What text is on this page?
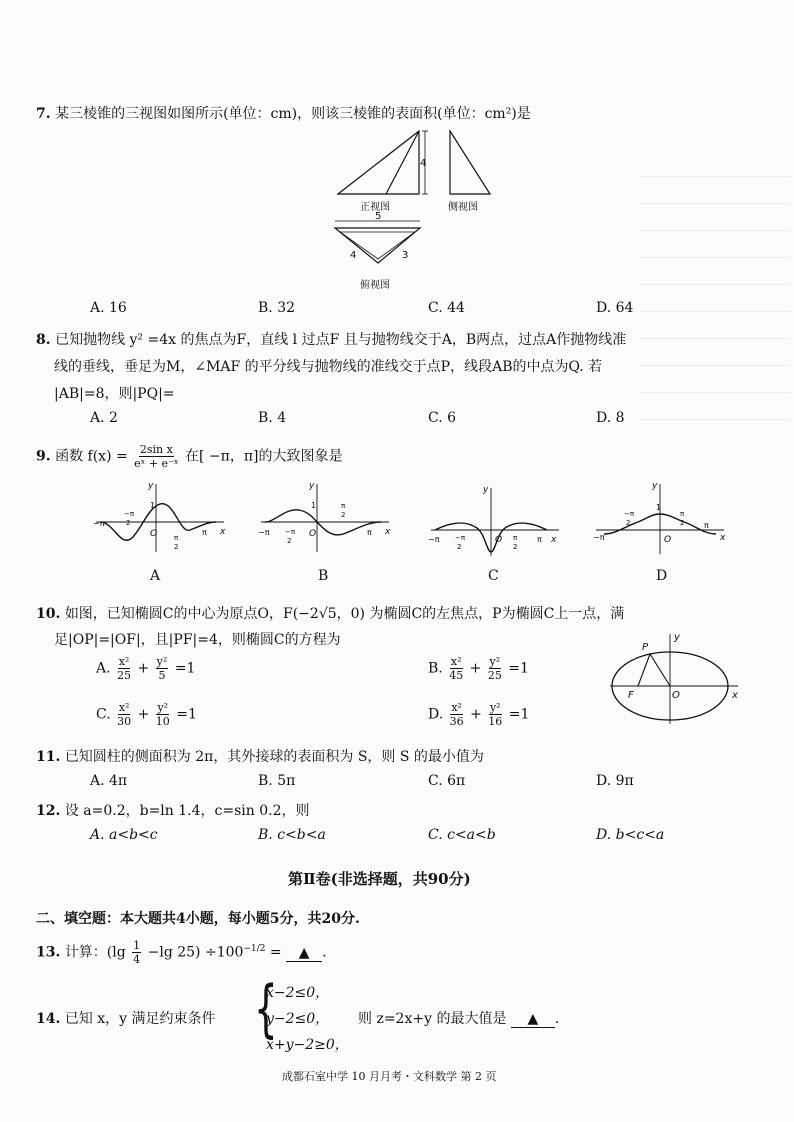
7. 某三棱锥的三视图如图所示(单位：cm)，则该三棱锥的表面积(单位：cm²)是
4
5
4	3
正视图	侧视图
俯视图
A. 16	B. 32	C. 44	D. 64
8. 已知抛物线 y² =4x 的焦点为F，直线 l 过点F 且与抛物线交于A，B两点，过点A作抛物线准
线的垂线，垂足为M，∠MAF 的平分线与抛物线的准线交于点P，线段AB的中点为Q. 若
|AB|=8，则|PQ|=
A. 2	B. 4	C. 6	D. 8
9. 函数 $f(x) = \frac{\text{2sin x}}{\text{eˣ + e⁻ˣ}}$ 在[ −π，π]的大致图象是
y
x
1
O
−π
π
−π
2
π
2
y
x
1
O
−π	π
−π
2
π
2
y
x
O
−π	π
−π
2
π
2
y
x
1
O
−π
π
−π
2
π
2
A	B	C	D
10. 如图，已知椭圆C的中心为原点O，F(−2√5，0) 为椭圆C的左焦点，P为椭圆C上一点，满
足|OP|=|OF|，且|PF|=4，则椭圆C的方程为
A. $\frac{\text{x²}}{25} + \frac{\text{y²}}{5} =1$	B. $\frac{\text{x²}}{45} + \frac{\text{y²}}{25} =1$
C. $\frac{\text{x²}}{30} + \frac{\text{y²}}{10} =1$	D. $\frac{\text{x²}}{36} + \frac{\text{y²}}{16} =1$
P
F	O	x
y
11. 已知圆柱的侧面积为 2π，其外接球的表面积为 S，则 S 的最小值为
A. 4π	B. 5π	C. 6π	D. 9π
12. 设 a=0.2，b=ln 1.4，c=sin 0.2，则
A. a<b<c	B. c<b<a	C. c<a<b	D. b<c<a
第Ⅱ卷(非选择题，共90分)
二、填空题：本大题共4小题，每小题5分，共20分.
13. 计算：($\lg \frac{1}{4} -\lg$ $25) \div 100^{-1/2}$ = ▲ .
14. 已知 x，y 满足约束条件 {
x−2≤0，
y−2≤0，
x+y−2≥0，
则 z=2x+y 的最大值是 ▲ .
成都石室中学 10 月月考・文科数学 第 2 页
